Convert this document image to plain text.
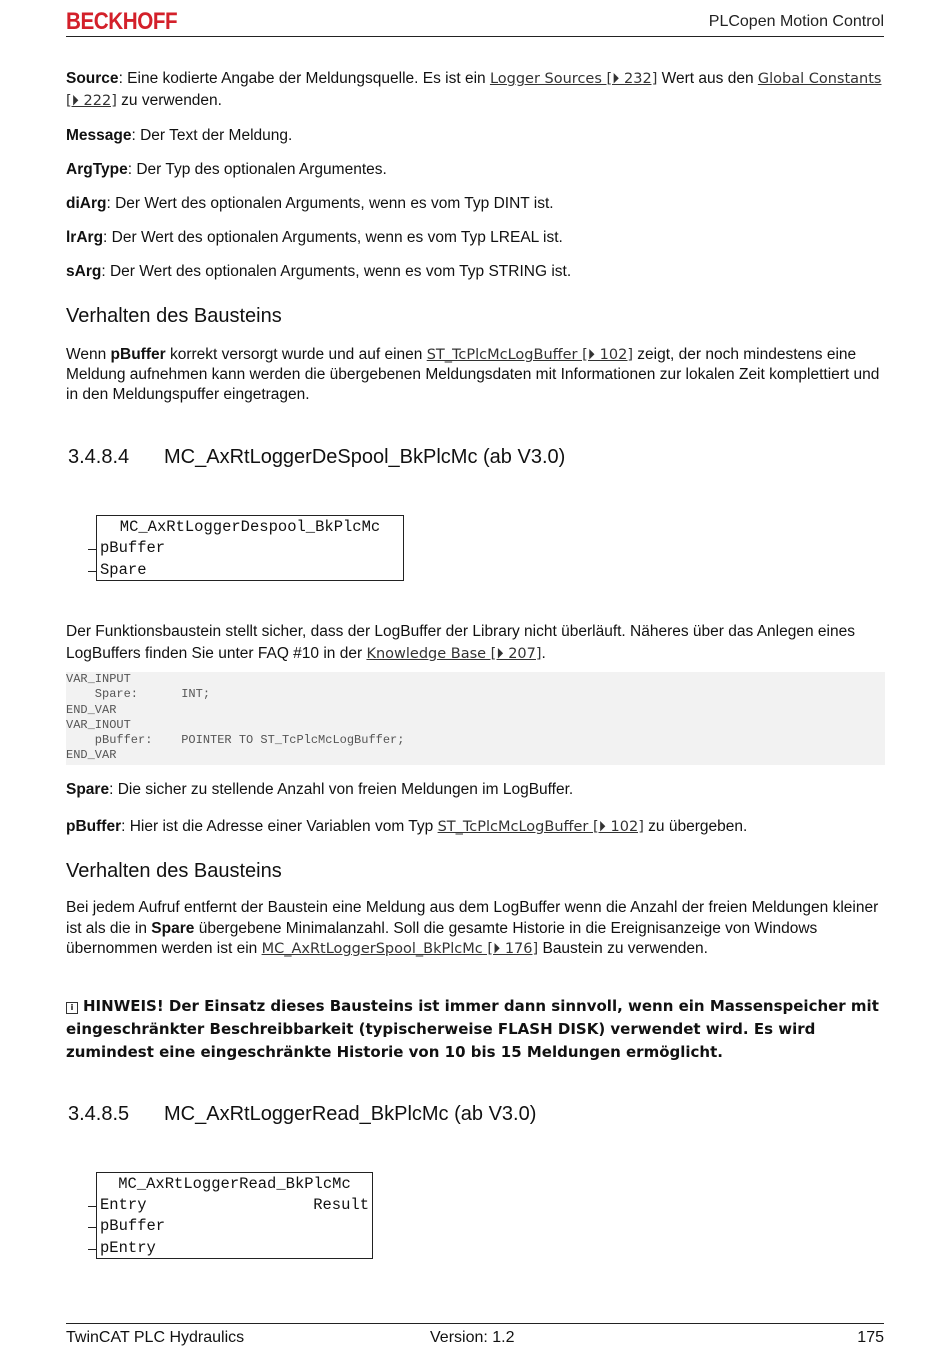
BECKHOFF	PLCopen Motion Control
Source: Eine kodierte Angabe der Meldungsquelle. Es ist ein Logger Sources [⏵ 232] Wert aus den Global Constants [⏵ 222] zu verwenden.
Message: Der Text der Meldung.
ArgType: Der Typ des optionalen Argumentes.
diArg: Der Wert des optionalen Arguments, wenn es vom Typ DINT ist.
lrArg: Der Wert des optionalen Arguments, wenn es vom Typ LREAL ist.
sArg: Der Wert des optionalen Arguments, wenn es vom Typ STRING ist.
Verhalten des Bausteins
Wenn pBuffer korrekt versorgt wurde und auf einen ST_TcPlcMcLogBuffer [⏵ 102] zeigt, der noch mindestens eine Meldung aufnehmen kann werden die übergebenen Meldungsdaten mit Informationen zur lokalen Zeit komplettiert und in den Meldungspuffer eingetragen.
3.4.8.4 MC_AxRtLoggerDeSpool_BkPlcMc (ab V3.0)
MC_AxRtLoggerDespool_BkPlcMc
pBuffer
Spare
Der Funktionsbaustein stellt sicher, dass der LogBuffer der Library nicht überläuft. Näheres über das Anlegen eines LogBuffers finden Sie unter FAQ #10 in der Knowledge Base [⏵ 207].
VAR_INPUT
Spare:      INT;
END_VAR
VAR_INOUT
pBuffer:    POINTER TO ST_TcPlcMcLogBuffer;
END_VAR
Spare: Die sicher zu stellende Anzahl von freien Meldungen im LogBuffer.
pBuffer: Hier ist die Adresse einer Variablen vom Typ ST_TcPlcMcLogBuffer [⏵ 102] zu übergeben.
Verhalten des Bausteins
Bei jedem Aufruf entfernt der Baustein eine Meldung aus dem LogBuffer wenn die Anzahl der freien Meldungen kleiner ist als die in Spare übergebene Minimalanzahl. Soll die gesamte Historie in die Ereignisanzeige von Windows übernommen werden ist ein MC_AxRtLoggerSpool_BkPlcMc [⏵ 176] Baustein zu verwenden.
i HINWEIS! Der Einsatz dieses Bausteins ist immer dann sinnvoll, wenn ein Massenspeicher mit eingeschränkter Beschreibbarkeit (typischerweise FLASH DISK) verwendet wird. Es wird zumindest eine eingeschränkte Historie von 10 bis 15 Meldungen ermöglicht.
3.4.8.5 MC_AxRtLoggerRead_BkPlcMc (ab V3.0)
MC_AxRtLoggerRead_BkPlcMc
Entry	Result
pBuffer
pEntry
TwinCAT PLC Hydraulics	Version: 1.2	175
